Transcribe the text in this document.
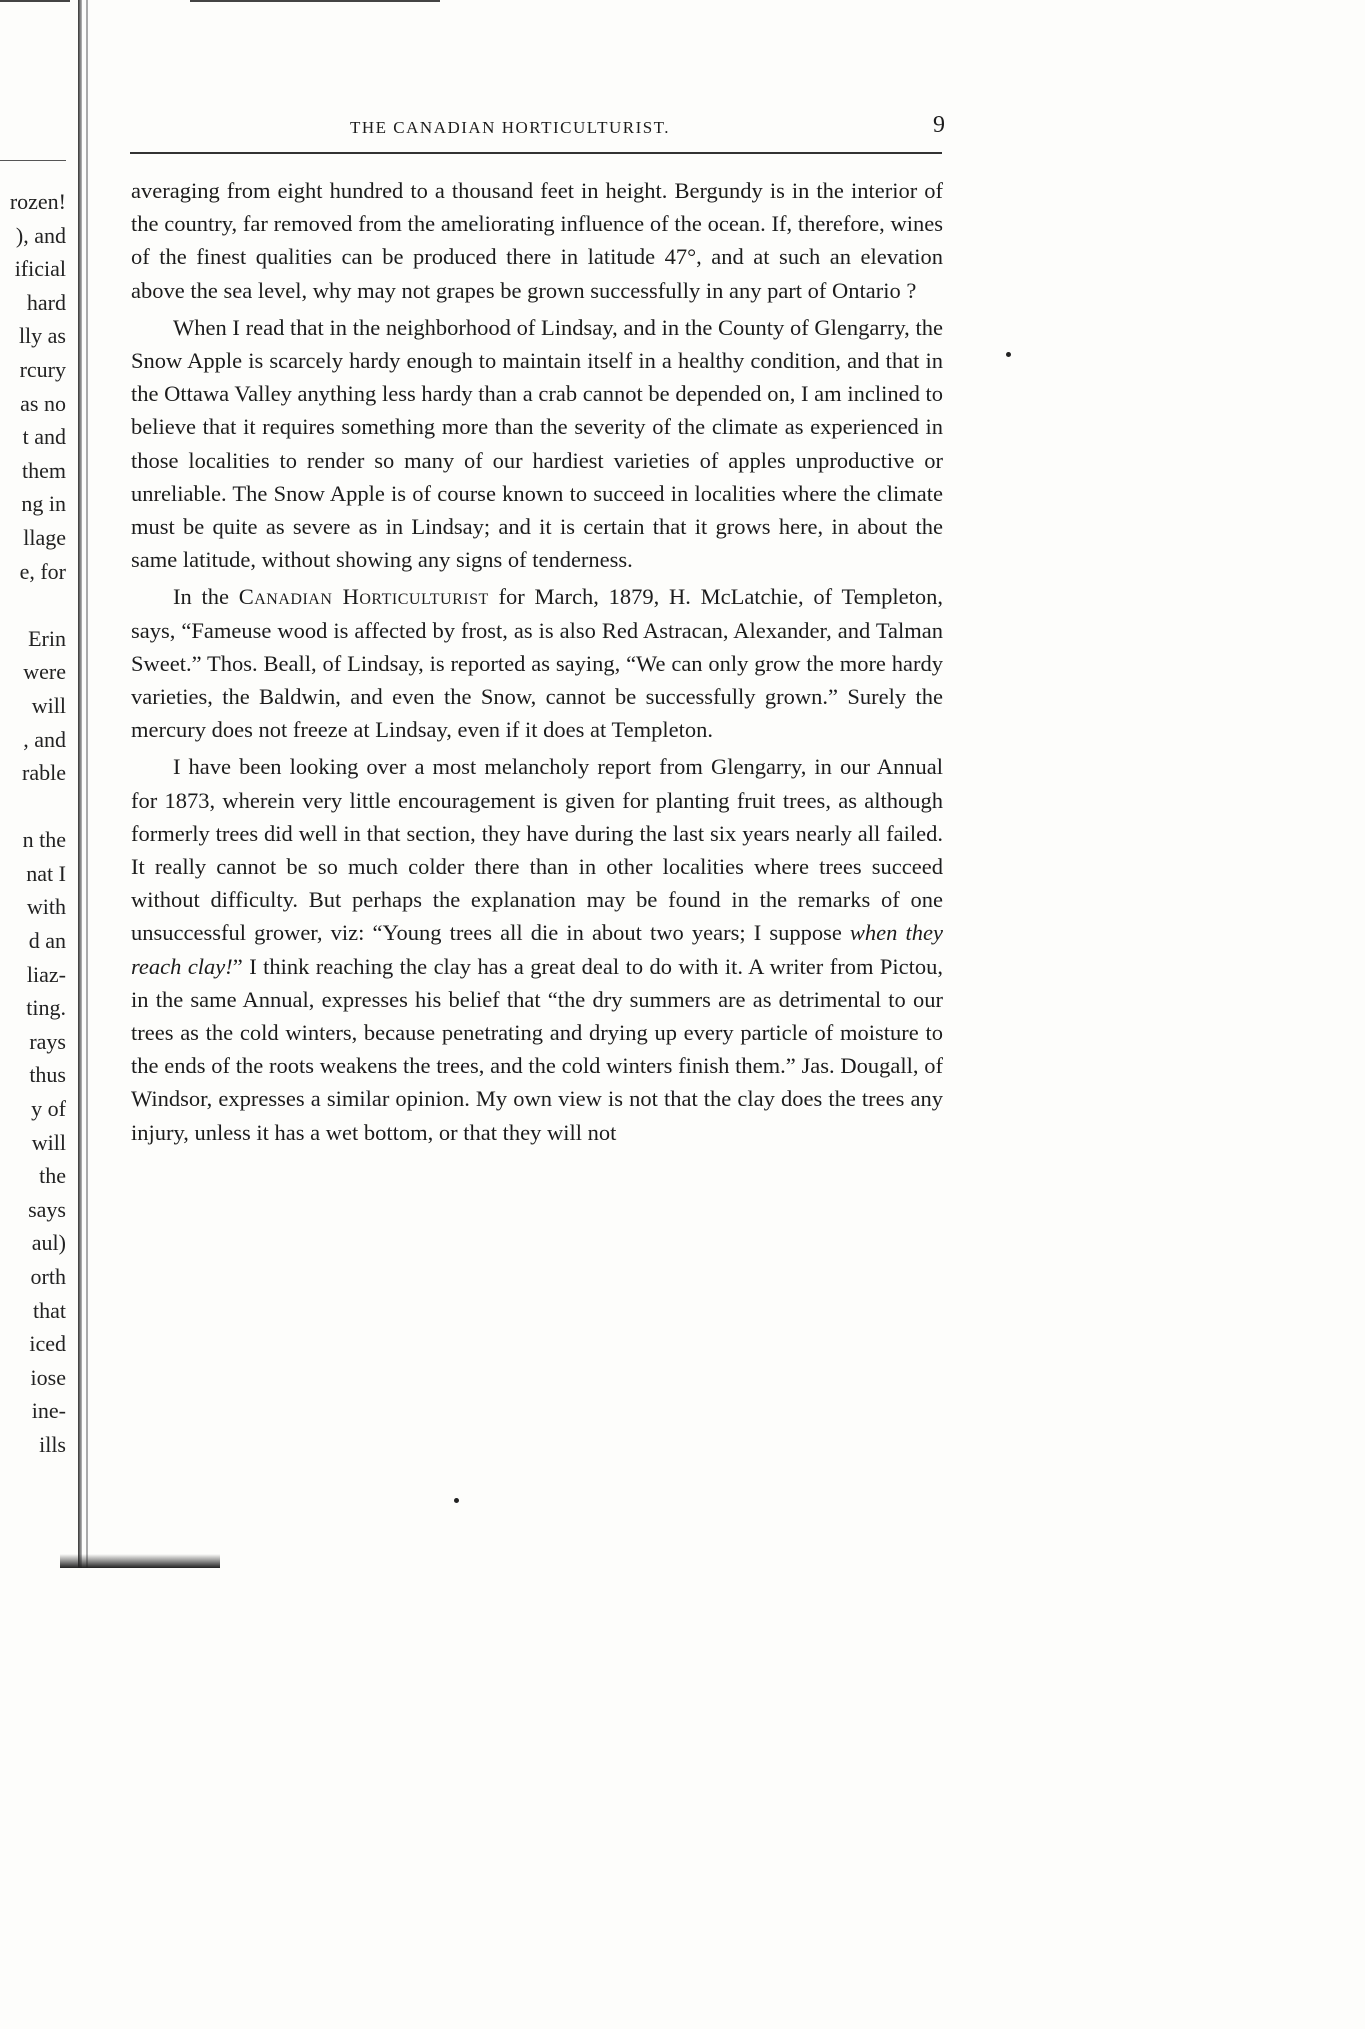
rozen!
), and
ificial
hard
lly as
rcury
as no
t and
them
ng in
llage
e, for
Erin
were
will
, and
rable
n the
nat I
with
d an
liaz-
ting.
rays
thus
y of
will
the
says
aul)
orth
that
iced
iose
ine-
ills
THE CANADIAN HORTICULTURIST.	9

averaging from eight hundred to a thousand feet in height. Bergundy is in the interior of the country, far removed from the ameliorating influence of the ocean. If, therefore, wines of the finest qualities can be produced there in latitude 47°, and at such an elevation above the sea level, why may not grapes be grown successfully in any part of Ontario ?

When I read that in the neighborhood of Lindsay, and in the County of Glengarry, the Snow Apple is scarcely hardy enough to maintain itself in a healthy condition, and that in the Ottawa Valley anything less hardy than a crab cannot be depended on, I am inclined to believe that it requires something more than the severity of the climate as experienced in those localities to render so many of our hardiest varieties of apples unproductive or unreliable. The Snow Apple is of course known to succeed in localities where the climate must be quite as severe as in Lindsay; and it is certain that it grows here, in about the same latitude, without showing any signs of tenderness.

In the Canadian Horticulturist for March, 1879, H. McLatchie, of Templeton, says, “Fameuse wood is affected by frost, as is also Red Astracan, Alexander, and Talman Sweet.” Thos. Beall, of Lindsay, is reported as saying, “We can only grow the more hardy varieties, the Baldwin, and even the Snow, cannot be successfully grown.” Surely the mercury does not freeze at Lindsay, even if it does at Templeton.

I have been looking over a most melancholy report from Glengarry, in our Annual for 1873, wherein very little encouragement is given for planting fruit trees, as although formerly trees did well in that section, they have during the last six years nearly all failed. It really cannot be so much colder there than in other localities where trees succeed without difficulty. But perhaps the explanation may be found in the remarks of one unsuccessful grower, viz: “Young trees all die in about two years; I suppose when they reach clay!” I think reaching the clay has a great deal to do with it. A writer from Pictou, in the same Annual, expresses his belief that “the dry summers are as detrimental to our trees as the cold winters, because penetrating and drying up every particle of moisture to the ends of the roots weakens the trees, and the cold winters finish them.” Jas. Dougall, of Windsor, expresses a similar opinion. My own view is not that the clay does the trees any injury, unless it has a wet bottom, or that they will not
